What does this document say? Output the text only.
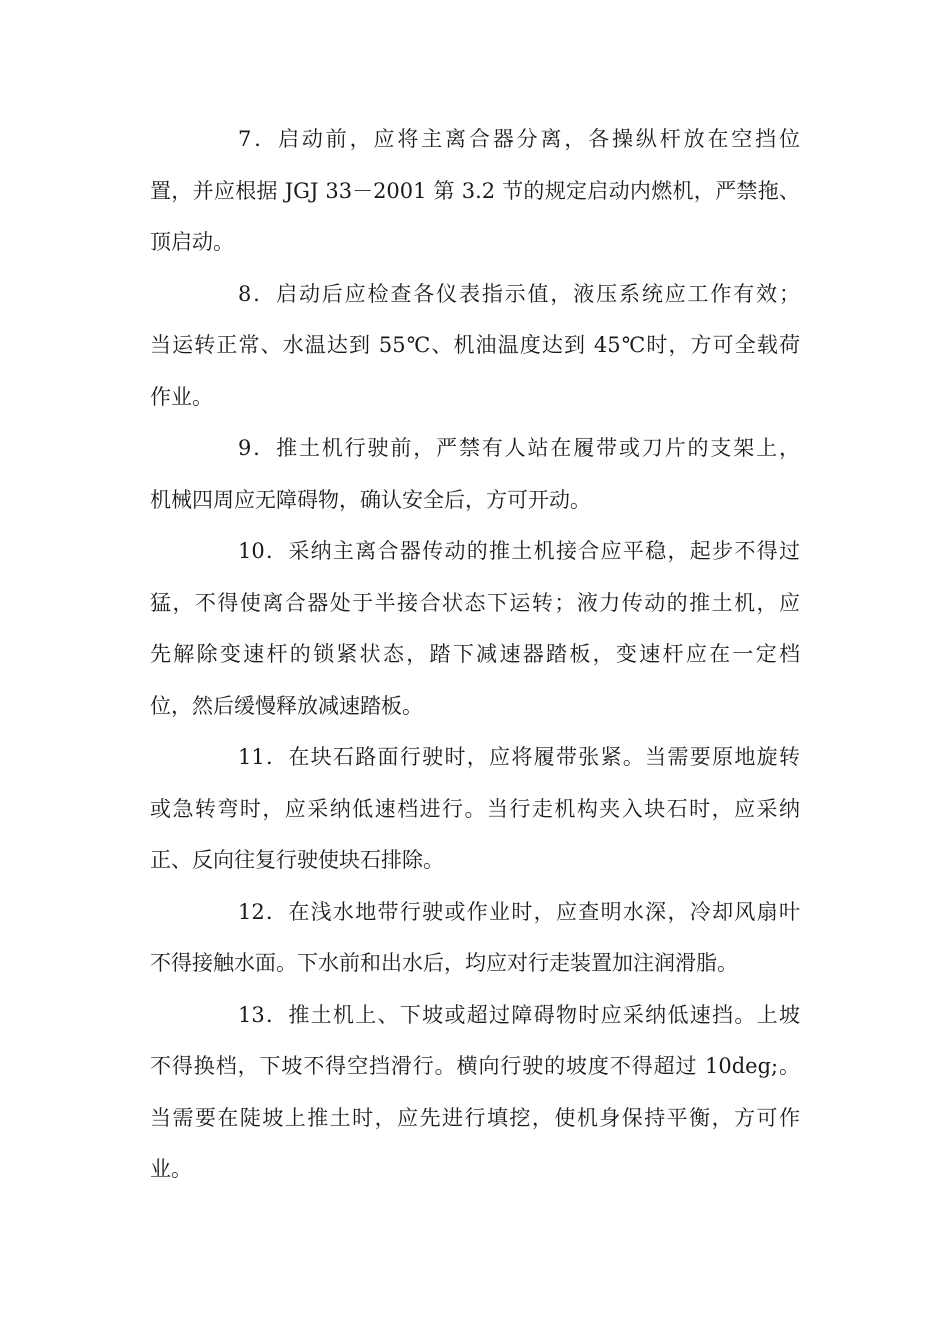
7．启动前，应将主离合器分离，各操纵杆放在空挡位
置，并应根据 JGJ 33－2001 第 3.2 节的规定启动内燃机，严禁拖、
顶启动。
8．启动后应检查各仪表指示值，液压系统应工作有效；
当运转正常、水温达到 55℃、机油温度达到 45℃时，方可全载荷
作业。
9．推土机行驶前，严禁有人站在履带或刀片的支架上，
机械四周应无障碍物，确认安全后，方可开动。
10．采纳主离合器传动的推土机接合应平稳，起步不得过
猛，不得使离合器处于半接合状态下运转；液力传动的推土机，应
先解除变速杆的锁紧状态，踏下减速器踏板，变速杆应在一定档
位，然后缓慢释放减速踏板。
11．在块石路面行驶时，应将履带张紧。当需要原地旋转
或急转弯时，应采纳低速档进行。当行走机构夹入块石时，应采纳
正、反向往复行驶使块石排除。
12．在浅水地带行驶或作业时，应查明水深，冷却风扇叶
不得接触水面。下水前和出水后，均应对行走装置加注润滑脂。
13．推土机上、下坡或超过障碍物时应采纳低速挡。上坡
不得换档，下坡不得空挡滑行。横向行驶的坡度不得超过 10deg;。
当需要在陡坡上推土时，应先进行填挖，使机身保持平衡，方可作
业。
